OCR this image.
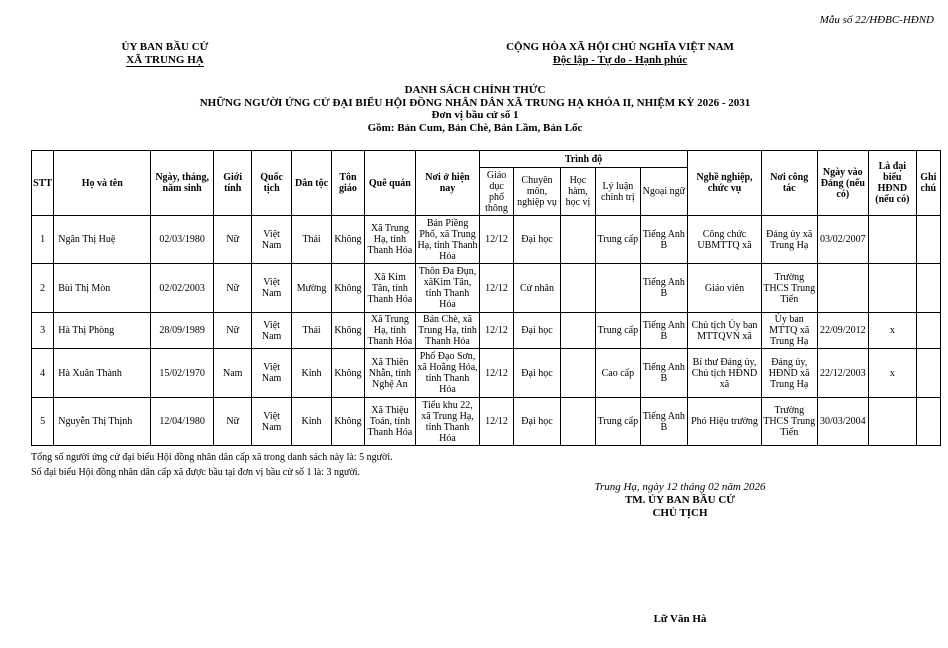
Mẫu số 22/HĐBC-HĐND
ỦY BAN BẦU CỬ
XÃ TRUNG HẠ
CỘNG HÒA XÃ HỘI CHỦ NGHĨA VIỆT NAM
Độc lập - Tự do - Hạnh phúc
DANH SÁCH CHÍNH THỨC
NHỮNG NGƯỜI ỨNG CỬ ĐẠI BIỂU HỘI ĐỒNG NHÂN DÂN XÃ TRUNG HẠ KHÓA II, NHIỆM KỲ 2026 - 2031
Đơn vị bầu cử số 1
Gồm: Bản Cum, Bản Chè, Bản Lầm, Bản Lốc
STT	Họ và tên	Ngày, tháng, năm sinh	Giới tính	Quốc tịch	Dân tộc	Tôn giáo	Quê quán	Nơi ở hiện nay	Trình độ					Nghề nghiệp, chức vụ	Nơi công tác	Ngày vào Đảng (nếu có)	Là đại biểu HĐND (nếu có)	Ghi chú
									Giáo dục phổ thông	Chuyên môn, nghiệp vụ	Học hàm, học vị	Lý luận chính trị	Ngoại ngữ					
1	Ngân Thị Huệ	02/03/1980	Nữ	Việt Nam	Thái	Không	Xã Trung Hạ, tỉnh Thanh Hóa	Bản Piềng Phố, xã Trung Hạ, tỉnh Thanh Hóa	12/12	Đại học		Trung cấp	Tiếng Anh B	Công chức UBMTTQ xã	Đảng ủy xã Trung Hạ	03/02/2007		
2	Bùi Thị Mòn	02/02/2003	Nữ	Việt Nam	Mường	Không	Xã Kim Tân, tỉnh Thanh Hóa	Thôn Đa Đụn, xãKim Tân, tỉnh Thanh Hóa	12/12	Cử nhân			Tiếng Anh B	Giáo viên	Trường THCS Trung Tiến			
3	Hà Thị Phòng	28/09/1989	Nữ	Việt Nam	Thái	Không	Xã Trung Hạ, tỉnh Thanh Hóa	Bản Chè, xã Trung Hạ, tỉnh Thanh Hóa	12/12	Đại học		Trung cấp	Tiếng Anh B	Chủ tịch Ủy ban MTTQVN xã	Ủy ban MTTQ xã Trung Hạ	22/09/2012	x	
4	Hà Xuân Thành	15/02/1970	Nam	Việt Nam	Kinh	Không	Xã Thiên Nhẫn, tỉnh Nghệ An	Phố Đạo Sơn, xã Hoằng Hóa, tỉnh Thanh Hóa	12/12	Đại học		Cao cấp	Tiếng Anh B	Bí thư Đảng ủy, Chủ tịch HĐND xã	Đảng ủy, HĐND xã Trung Hạ	22/12/2003	x	
5	Nguyễn Thị Thịnh	12/04/1980	Nữ	Việt Nam	Kinh	Không	Xã Thiệu Toán, tỉnh Thanh Hóa	Tiểu khu 22, xã Trung Hạ, tỉnh Thanh Hóa	12/12	Đại học		Trung cấp	Tiếng Anh B	Phó Hiệu trưởng	Trường THCS Trung Tiến	30/03/2004		
Tổng số người ứng cử đại biểu Hội đồng nhân dân cấp xã trong danh sách này là: 5 người.
Số đại biểu Hội đồng nhân dân cấp xã được bầu tại đơn vị bầu cử số 1 là: 3 người.
Trung Hạ, ngày 12 tháng 02 năm 2026
TM. ỦY BAN BẦU CỬ
CHỦ TỊCH
Lữ Văn Hà
